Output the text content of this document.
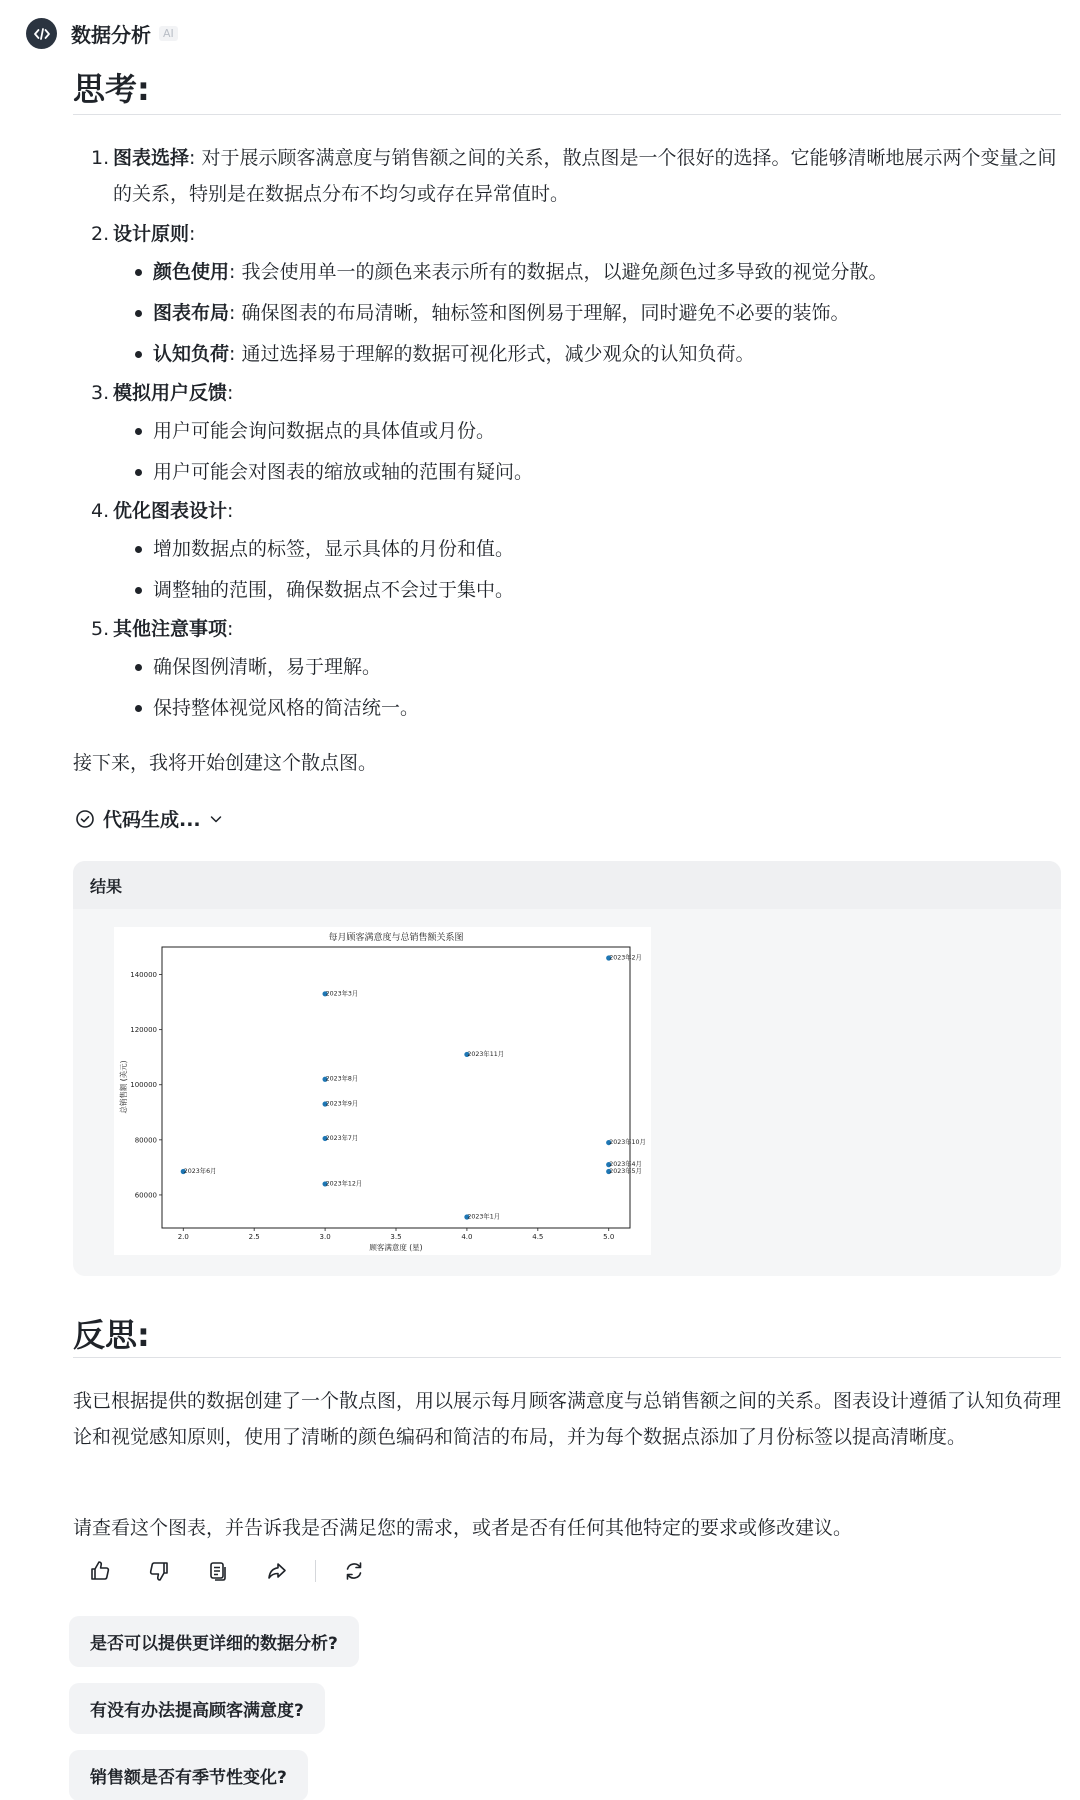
数据分析	AI
思考:
1. 图表选择: 对于展示顾客满意度与销售额之间的关系，散点图是一个很好的选择。它能够清晰地展示两个变量之间的关系，特别是在数据点分布不均匀或存在异常值时。

2. 设计原则:

颜色使用: 我会使用单一的颜色来表示所有的数据点，以避免颜色过多导致的视觉分散。
图表布局: 确保图表的布局清晰，轴标签和图例易于理解，同时避免不必要的装饰。
认知负荷: 通过选择易于理解的数据可视化形式，减少观众的认知负荷。
3. 模拟用户反馈:

用户可能会询问数据点的具体值或月份。
用户可能会对图表的缩放或轴的范围有疑问。
4. 优化图表设计:

增加数据点的标签，显示具体的月份和值。
调整轴的范围，确保数据点不会过于集中。
5. 其他注意事项:

确保图例清晰，易于理解。
保持整体视觉风格的简洁统一。
接下来，我将开始创建这个散点图。
代码生成...
结果
每月顾客满意度与总销售额关系图
2.0	2.5	3.0	3.5	4.0	4.5	5.0
60000
80000
100000
120000
140000
2023年1月
2023年2月
2023年3月
2023年4月
2023年5月
2023年6月
2023年7月
2023年8月
2023年9月
2023年10月
2023年11月
2023年12月
顾客满意度 (星)
总销售额 (美元)
反思:
我已根据提供的数据创建了一个散点图，用以展示每月顾客满意度与总销售额之间的关系。图表设计遵循了认知负荷理论和视觉感知原则，使用了清晰的颜色编码和简洁的布局，并为每个数据点添加了月份标签以提高清晰度。
请查看这个图表，并告诉我是否满足您的需求，或者是否有任何其他特定的要求或修改建议。
是否可以提供更详细的数据分析?
有没有办法提高顾客满意度?
销售额是否有季节性变化?
